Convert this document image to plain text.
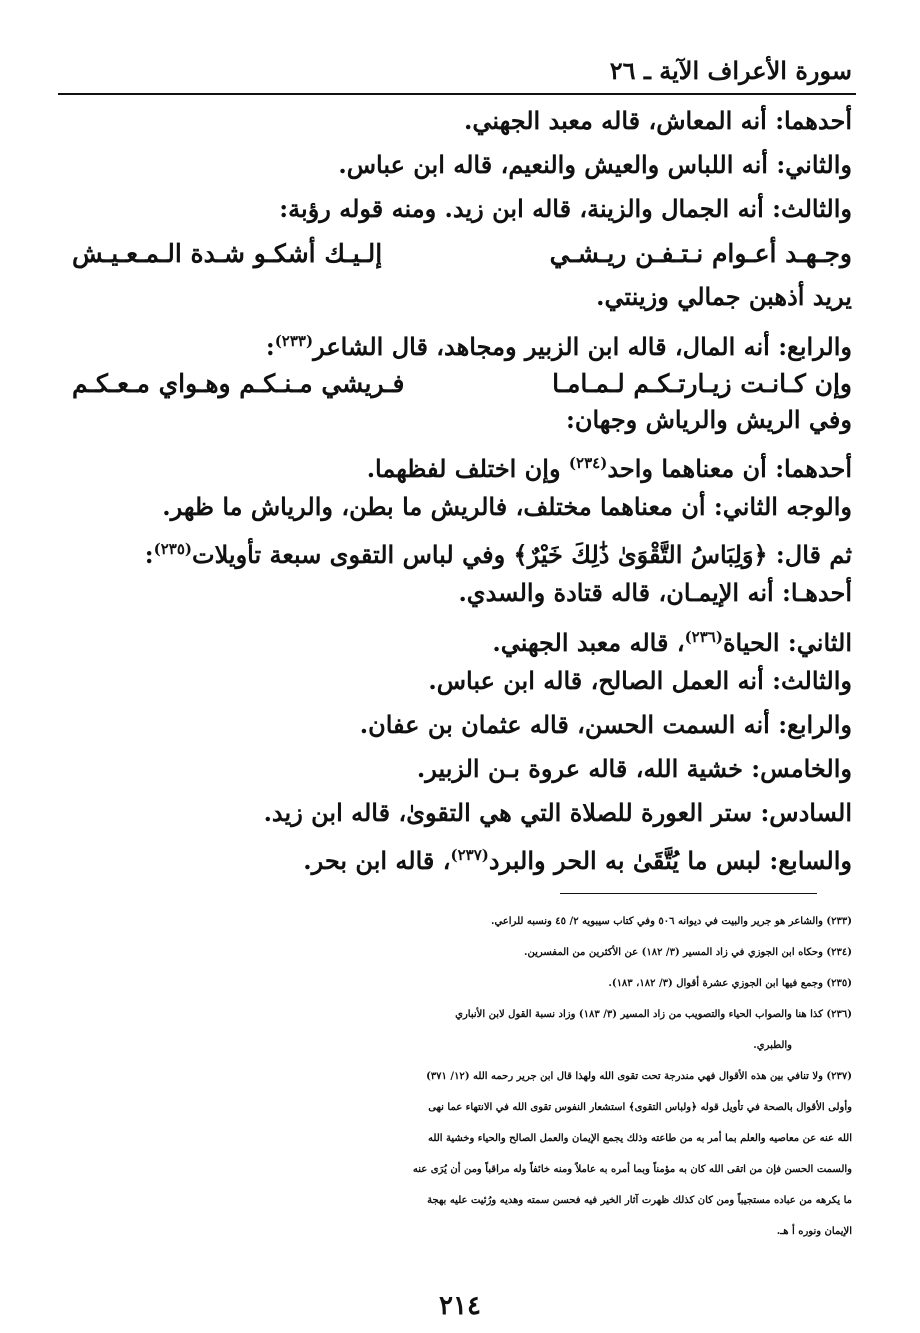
سورة الأعراف الآية ـ ٢٦
أحدهما: أنه المعاش، قاله معبد الجهني.
والثاني: أنه اللباس والعيش والنعيم، قاله ابن عباس.
والثالث: أنه الجمال والزينة، قاله ابن زيد. ومنه قوله رؤبة:
إلـيـك أشكـو شـدة الـمـعـيـش	وجـهـد أعـوام نـتـفـن ريـشـي
يريد أذهبن جمالي وزينتي.
والرابع: أنه المال، قاله ابن الزبير ومجاهد، قال الشاعر$^{(٢٣٣)}$:
فـريشي مـنـكـم وهـواي مـعـكـم	وإن كـانـت زيـارتـكـم لـمـامـا
وفي الريش والرياش وجهان:
أحدهما: أن معناهما واحد$^{(٢٣٤)}$ وإن اختلف لفظهما.
والوجه الثاني: أن معناهما مختلف، فالريش ما بطن، والرياش ما ظهر.
ثم قال: ﴿وَلِبَاسُ التَّقْوَىٰ ذَٰلِكَ خَيْرٌ﴾ وفي لباس التقوى سبعة تأويلات$^{(٢٣٥)}$:
أحدهـا: أنه الإيمـان، قاله قتادة والسدي.
الثاني: الحياة$^{(٢٣٦)}$، قاله معبد الجهني.
والثالث: أنه العمل الصالح، قاله ابن عباس.
والرابع: أنه السمت الحسن، قاله عثمان بن عفان.
والخامس: خشية الله، قاله عروة بـن الزبير.
السادس: ستر العورة للصلاة التي هي التقوىٰ، قاله ابن زيد.
والسابع: لبس ما يُتَّقَىٰ به الحر والبرد$^{(٢٣٧)}$، قاله ابن بحر.
(٢٣٣) والشاعر هو جرير والبيت في ديوانه ٥٠٦ وفي كتاب سيبويه ٢/ ٤٥ ونسبه للراعي.
(٢٣٤) وحكاه ابن الجوزي في زاد المسير (٣/ ١٨٢) عن الأكثرين من المفسرين.
(٢٣٥) وجمع فيها ابن الجوزي عشرة أقوال (٣/ ١٨٢، ١٨٣).
(٢٣٦) كذا هنا والصواب الحياء والتصويب من زاد المسير (٣/ ١٨٣) وزاد نسبة القول لابن الأنباري
والطبري.
(٢٣٧) ولا تنافي بين هذه الأقوال فهي مندرجة تحت تقوى الله ولهذا قال ابن جرير رحمه الله (١٢/ ٣٧١)
وأولى الأقوال بالصحة في تأويل قوله ﴿ولباس التقوى﴾ استشعار النفوس تقوى الله في الانتهاء عما نهى
الله عنه عن معاصيه والعلم بما أمر به من طاعته وذلك يجمع الإيمان والعمل الصالح والحياء وخشية الله
والسمت الحسن فإن من اتقى الله كان به مؤمناً وبما أمره به عاملاً ومنه خائفاً وله مراقباً ومن أن يُرَى عنه
ما يكرهه من عباده مستجيباً ومن كان كذلك ظهرت آثار الخير فيه فحسن سمته وهديه ورُئيت عليه بهجة
الإيمان ونوره أ هـ.
٢١٤
